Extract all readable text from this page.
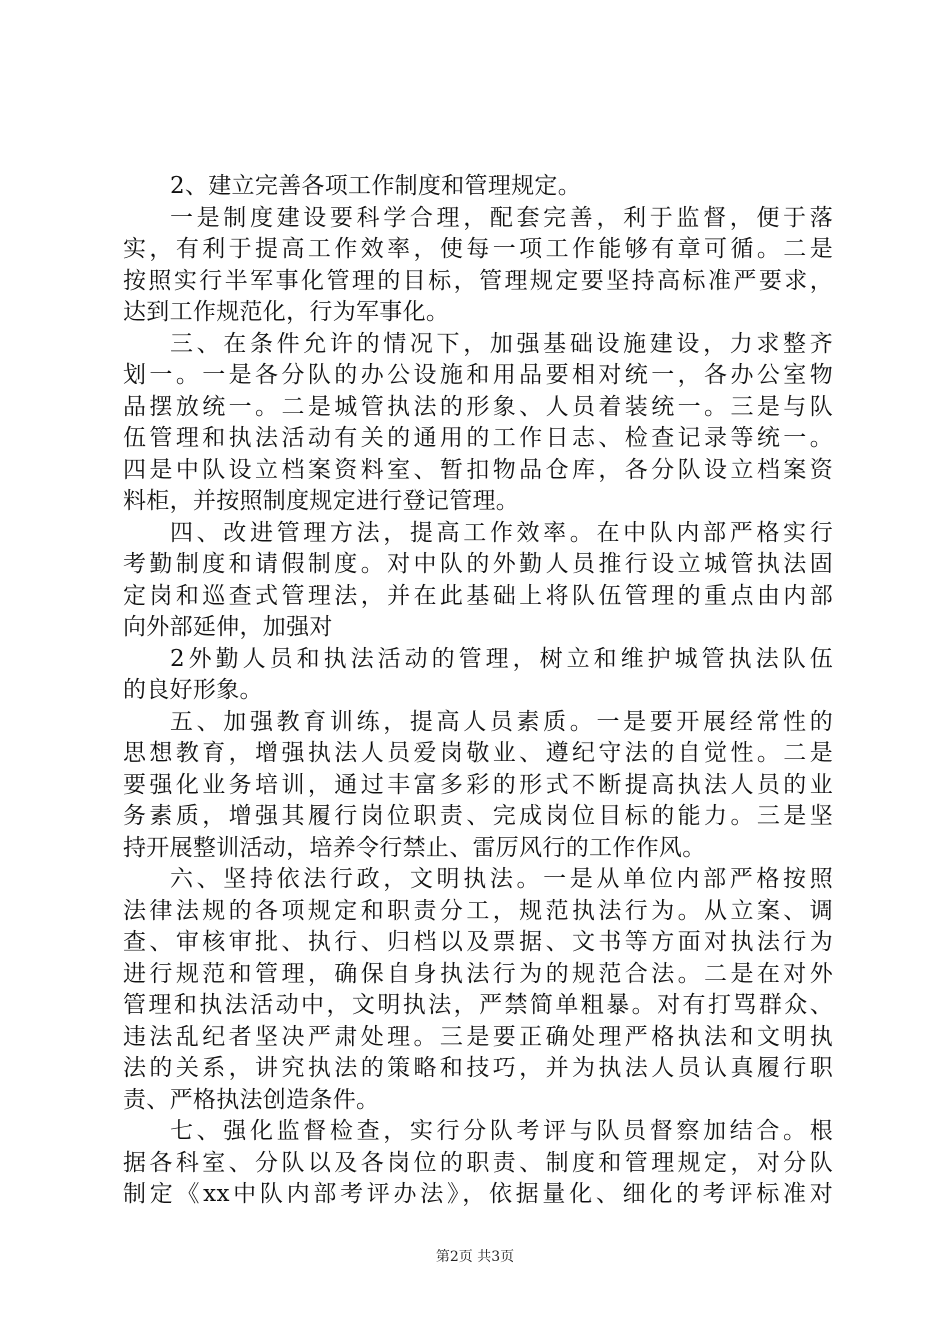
2、建立完善各项工作制度和管理规定。
一是制度建设要科学合理，配套完善，利于监督，便于落
实，有利于提高工作效率，使每一项工作能够有章可循。二是
按照实行半军事化管理的目标，管理规定要坚持高标准严要求，
达到工作规范化，行为军事化。
三、在条件允许的情况下，加强基础设施建设，力求整齐
划一。一是各分队的办公设施和用品要相对统一，各办公室物
品摆放统一。二是城管执法的形象、人员着装统一。三是与队
伍管理和执法活动有关的通用的工作日志、检查记录等统一。
四是中队设立档案资料室、暂扣物品仓库，各分队设立档案资
料柜，并按照制度规定进行登记管理。
四、改进管理方法，提高工作效率。在中队内部严格实行
考勤制度和请假制度。对中队的外勤人员推行设立城管执法固
定岗和巡查式管理法，并在此基础上将队伍管理的重点由内部
向外部延伸，加强对
2外勤人员和执法活动的管理，树立和维护城管执法队伍
的良好形象。
五、加强教育训练，提高人员素质。一是要开展经常性的
思想教育，增强执法人员爱岗敬业、遵纪守法的自觉性。二是
要强化业务培训，通过丰富多彩的形式不断提高执法人员的业
务素质，增强其履行岗位职责、完成岗位目标的能力。三是坚
持开展整训活动，培养令行禁止、雷厉风行的工作作风。
六、坚持依法行政，文明执法。一是从单位内部严格按照
法律法规的各项规定和职责分工，规范执法行为。从立案、调
查、审核审批、执行、归档以及票据、文书等方面对执法行为
进行规范和管理，确保自身执法行为的规范合法。二是在对外
管理和执法活动中，文明执法，严禁简单粗暴。对有打骂群众、
违法乱纪者坚决严肃处理。三是要正确处理严格执法和文明执
法的关系，讲究执法的策略和技巧，并为执法人员认真履行职
责、严格执法创造条件。
七、强化监督检查，实行分队考评与队员督察加结合。根
据各科室、分队以及各岗位的职责、制度和管理规定，对分队
制定《xx中队内部考评办法》，依据量化、细化的考评标准对
第2页 共3页
